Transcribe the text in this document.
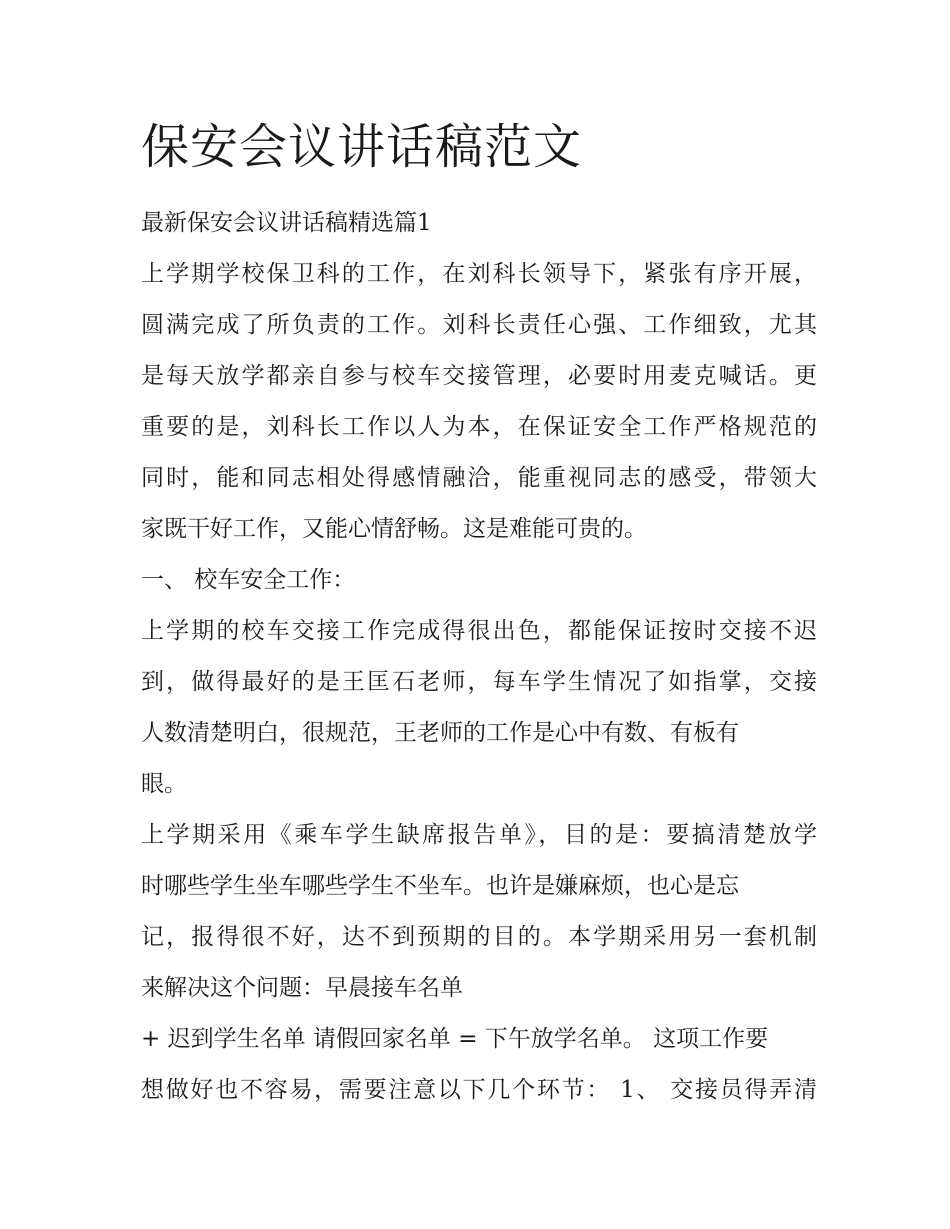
保安会议讲话稿范文
最新保安会议讲话稿精选篇1
上学期学校保卫科的工作，在刘科长领导下，紧张有序开展，
圆满完成了所负责的工作。刘科长责任心强、工作细致，尤其
是每天放学都亲自参与校车交接管理，必要时用麦克喊话。更
重要的是，刘科长工作以人为本，在保证安全工作严格规范的
同时，能和同志相处得感情融洽，能重视同志的感受，带领大
家既干好工作，又能心情舒畅。这是难能可贵的。
一、 校车安全工作：
上学期的校车交接工作完成得很出色，都能保证按时交接不迟
到，做得最好的是王匡石老师，每车学生情况了如指掌，交接
人数清楚明白，很规范，王老师的工作是心中有数、有板有
眼。
上学期采用《乘车学生缺席报告单》，目的是：要搞清楚放学
时哪些学生坐车哪些学生不坐车。也许是嫌麻烦，也心是忘
记，报得很不好，达不到预期的目的。本学期采用另一套机制
来解决这个问题：早晨接车名单
+ 迟到学生名单 请假回家名单 = 下午放学名单。 这项工作要
想做好也不容易，需要注意以下几个环节： 1、 交接员得弄清
